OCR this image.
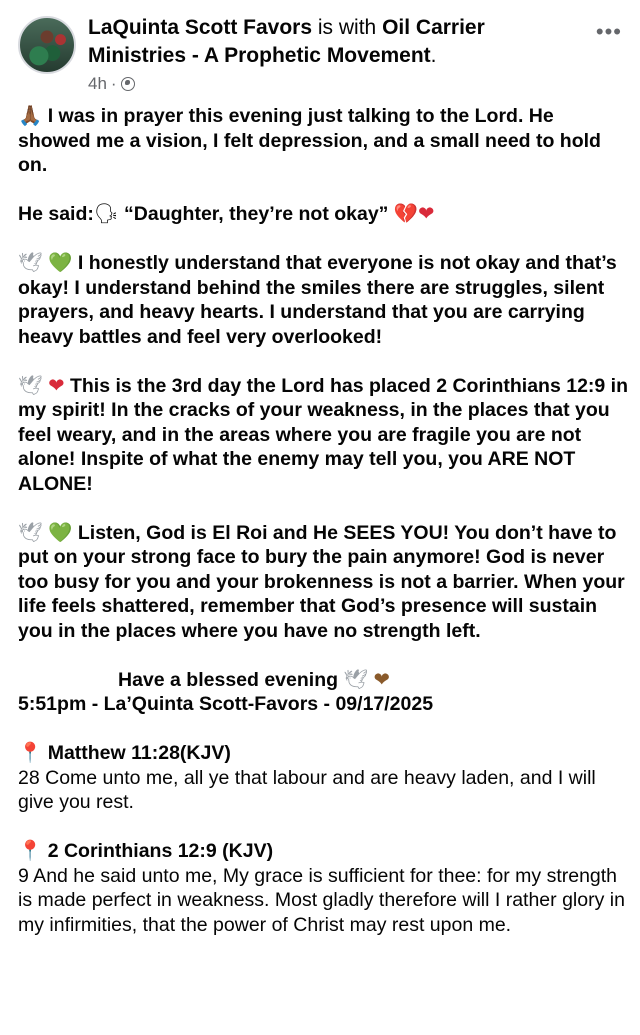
LaQuinta Scott Favors is with Oil Carrier Ministries - A Prophetic Movement.
4h ·
•••

🙏🏾 I was in prayer this evening just talking to the Lord. He showed me a vision, I felt depression, and a small need to hold on.

He said:🗣 “Daughter, they’re not okay” 💔❤

🕊 💚 I honestly understand that everyone is not okay and that’s okay! I understand behind the smiles there are struggles, silent prayers, and heavy hearts. I understand that you are carrying heavy battles and feel very overlooked!

🕊 ❤ This is the 3rd day the Lord has placed 2 Corinthians 12:9 in my spirit! In the cracks of your weakness, in the places that you feel weary, and in the areas where you are fragile you are not alone! Inspite of what the enemy may tell you, you ARE NOT ALONE!

🕊 💚 Listen, God is El Roi and He SEES YOU! You don’t have to put on your strong face to bury the pain anymore! God is never too busy for you and your brokenness is not a barrier. When your life feels shattered, remember that God’s presence will sustain you in the places where you have no strength left.

Have a blessed evening 🕊 ❤

5:51pm - La’Quinta Scott-Favors - 09/17/2025

📍 Matthew 11:28(KJV)

28 Come unto me, all ye that labour and are heavy laden, and I will give you rest.

📍 2 Corinthians 12:9 (KJV)

9 And he said unto me, My grace is sufficient for thee: for my strength is made perfect in weakness. Most gladly therefore will I rather glory in my infirmities, that the power of Christ may rest upon me.
